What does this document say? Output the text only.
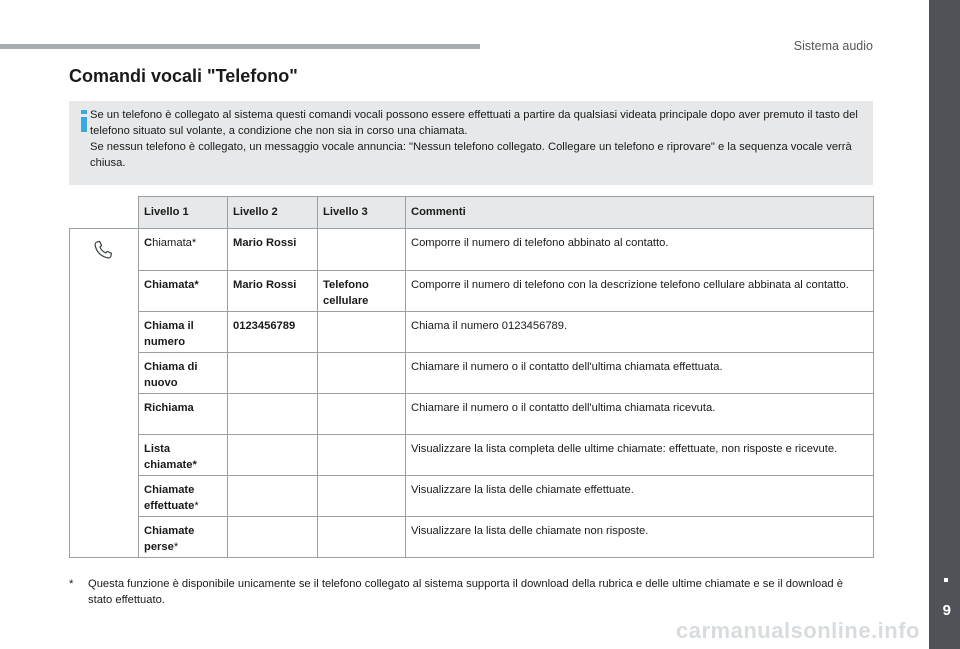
Sistema audio
9
Comandi vocali "Telefono"

Se un telefono è collegato al sistema questi comandi vocali possono essere effettuati a partire da qualsiasi videata principale dopo aver premuto il tasto del telefono situato sul volante, a condizione che non sia in corso una chiamata.

Se nessun telefono è collegato, un messaggio vocale annuncia: "Nessun telefono collegato. Collegare un telefono e riprovare" e la sequenza vocale verrà chiusa.

	Livello 1	Livello 2	Livello 3	Commenti

	Chiamata*	Mario Rossi		Comporre il numero di telefono abbinato al contatto.
	Chiamata*	Mario Rossi	Telefono cellulare	Comporre il numero di telefono con la descrizione telefono cellulare abbinata al contatto.
	Chiama il numero	0123456789		Chiama il numero 0123456789.
	Chiama di nuovo			Chiamare il numero o il contatto dell'ultima chiamata effettuata.
	Richiama			Chiamare il numero o il contatto dell'ultima chiamata ricevuta.
	Lista chiamate*			Visualizzare la lista completa delle ultime chiamate: effettuate, non risposte e ricevute.
	Chiamate effettuate*			Visualizzare la lista delle chiamate effettuate.
	Chiamate perse*			Visualizzare la lista delle chiamate non risposte.
* Questa funzione è disponibile unicamente se il telefono collegato al sistema supporta il download della rubrica e delle ultime chiamate e se il download è stato effettuato.
carmanualsonline.info
